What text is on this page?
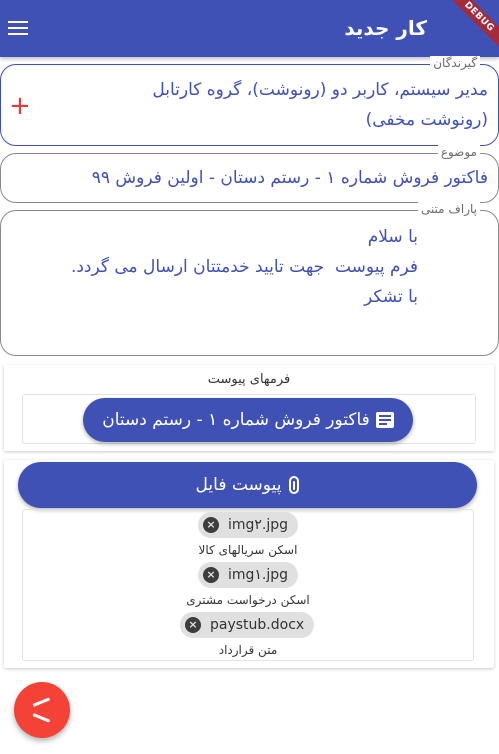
کار جدید	DEBUG
گیرندگان
مدیر سیستم، کاربر دو (رونوشت)، گروه کارتابل
(رونوشت مخفی)
+
موضوع
فاکتور فروش شماره ۱ - رستم دستان - اولین فروش ۹۹
پاراف متنی
با سلام
فرم پیوست  جهت تایید خدمتتان ارسال می گردد.
با تشکر
فرمهای پیوست
فاکتور فروش شماره ۱ - رستم دستان
پیوست فایل
× img۲.jpg
اسکن سریالهای کالا
× img۱.jpg
اسکن درخواست مشتری
× paystub.docx
متن قرارداد
